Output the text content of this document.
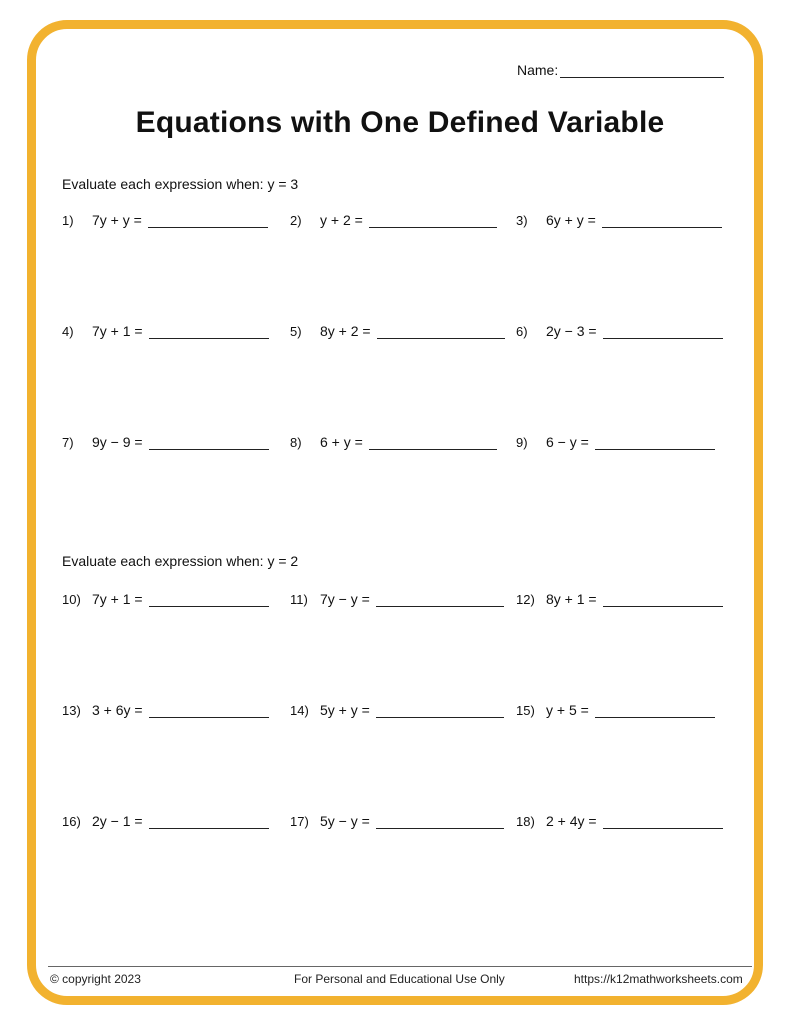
Name:
Equations with One Defined Variable
Evaluate each expression when: y = 3
Evaluate each expression when: y = 2
1)	7y + y =	2)	y + 2 =	3)	6y + y =
4)	7y + 1 =	5)	8y + 2 =	6)	2y − 3 =
7)	9y − 9 =	8)	6 + y =	9)	6 − y =
10) 7y + 1 =	11) 7y − y =	12) 8y + 1 =
13) 3 + 6y =	14) 5y + y =	15) y + 5 =
16) 2y − 1 =	17) 5y − y =	18) 2 + 4y =
© copyright 2023	For Personal and Educational Use Only	https://k12mathworksheets.com
